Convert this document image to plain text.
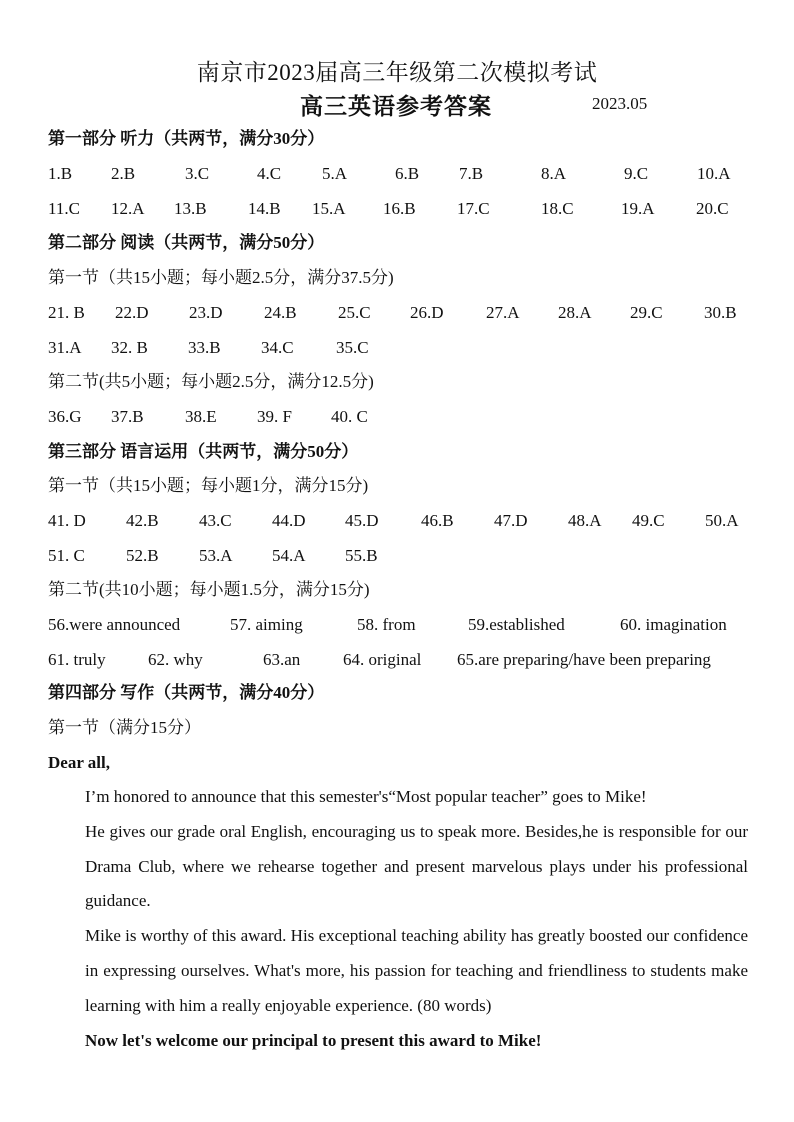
南京市2023届高三年级第二次模拟考试
高三英语参考答案	2023.05
第一部分 听力（共两节，满分30分）
1.B 2.B	3.C	4.C 5.A	6.B 7.B	8.A	9.C	10.A
11.C 12.A 13.B 14.B 15.A 16.B 17.C	18.C	19.A 20.C
第二部分 阅读（共两节，满分50分）
第一节（共15小题；每小题2.5分，满分37.5分)
21. B 22.D 23.D 24.B 25.C 26.D 27.A 28.A 29.C 30.B
31.A 32. B 33.B 34.C 35.C
第二节(共5小题；每小题2.5分，满分12.5分)
36.G 37.B 38.E 39. F 40. C
第三部分 语言运用（共两节，满分50分）
第一节（共15小题；每小题1分，满分15分)
41. D 42.B 43.C 44.D 45.D 46.B 47.D 48.A 49.C 50.A
51. C 52.B 53.A 54.A 55.B
第二节(共10小题；每小题1.5分，满分15分)
56.were announced	57. aiming	58. from	59.established	60. imagination
61. truly 62. why	63.an	64. original 65.are preparing/have been preparing
第四部分 写作（共两节，满分40分）
第一节（满分15分）
Dear all,
I’m honored to announce that this semester's“Most popular teacher” goes to Mike!
He gives our grade oral English, encouraging us to speak more. Besides,he is responsible for our Drama Club, where we rehearse together and present marvelous plays under his professional guidance.
Mike is worthy of this award. His exceptional teaching ability has greatly boosted our confidence in expressing ourselves. What's more, his passion for teaching and friendliness to students make learning with him a really enjoyable experience. (80 words)
Now let's welcome our principal to present this award to Mike!
